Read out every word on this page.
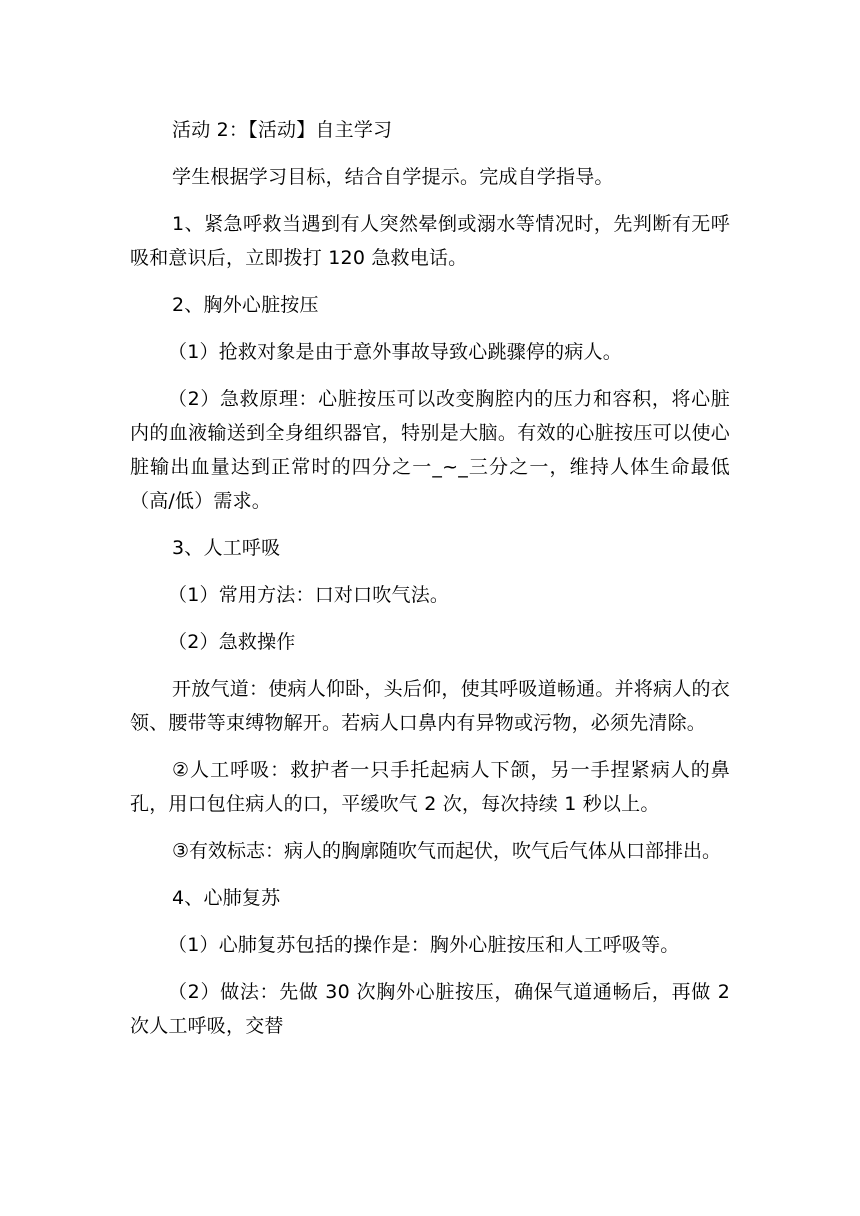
活动 2：【活动】自主学习

学生根据学习目标，结合自学提示。完成自学指导。

1、紧急呼救当遇到有人突然晕倒或溺水等情况时，先判断有无呼吸和意识后，立即拨打 120 急救电话。

2、胸外心脏按压

（1）抢救对象是由于意外事故导致心跳骤停的病人。

（2）急救原理：心脏按压可以改变胸腔内的压力和容积，将心脏内的血液输送到全身组织器官，特别是大脑。有效的心脏按压可以使心脏输出血量达到正常时的四分之一_~_三分之一，维持人体生命最低（高/低）需求。

3、人工呼吸

（1）常用方法：口对口吹气法。

（2）急救操作

开放气道：使病人仰卧，头后仰，使其呼吸道畅通。并将病人的衣领、腰带等束缚物解开。若病人口鼻内有异物或污物，必须先清除。

②人工呼吸：救护者一只手托起病人下颌，另一手捏紧病人的鼻孔，用口包住病人的口，平缓吹气 2 次，每次持续 1 秒以上。

③有效标志：病人的胸廓随吹气而起伏，吹气后气体从口部排出。

4、心肺复苏

（1）心肺复苏包括的操作是：胸外心脏按压和人工呼吸等。

（2）做法：先做 30 次胸外心脏按压，确保气道通畅后，再做 2 次人工呼吸，交替
